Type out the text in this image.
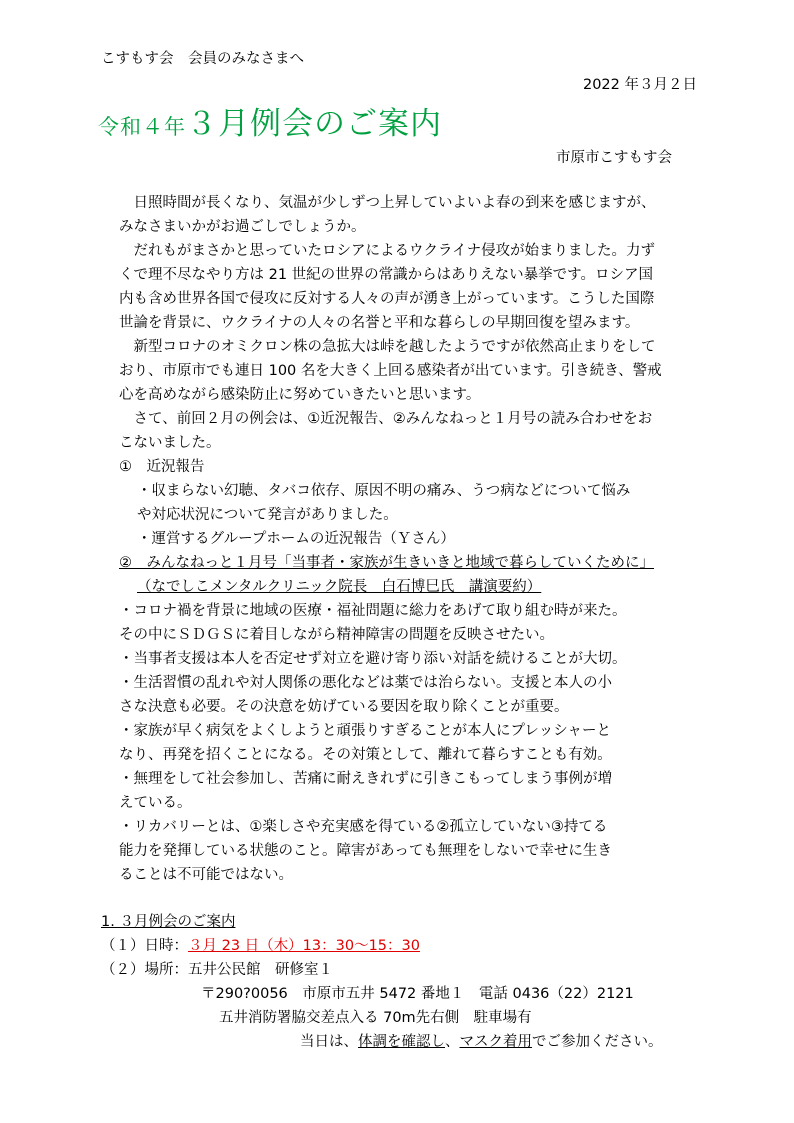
こすもす会　会員のみなさまへ
2022 年３月２日
令和４年３月例会のご案内
市原市こすもす会
　日照時間が長くなり、気温が少しずつ上昇していよいよ春の到来を感じますが、
みなさまいかがお過ごしでしょうか。
　だれもがまさかと思っていたロシアによるウクライナ侵攻が始まりました。力ず
くで理不尽なやり方は 21 世紀の世界の常識からはありえない暴挙です。ロシア国
内も含め世界各国で侵攻に反対する人々の声が湧き上がっています。こうした国際
世論を背景に、ウクライナの人々の名誉と平和な暮らしの早期回復を望みます。
　新型コロナのオミクロン株の急拡大は峠を越したようですが依然高止まりをして
おり、市原市でも連日 100 名を大きく上回る感染者が出ています。引き続き、警戒
心を高めながら感染防止に努めていきたいと思います。
　さて、前回２月の例会は、①近況報告、②みんなねっと１月号の読み合わせをお
こないました。
①　近況報告
・収まらない幻聴、タバコ依存、原因不明の痛み、うつ病などについて悩み
や対応状況について発言がありました。
・運営するグループホームの近況報告（Ｙさん）
②　みんなねっと１月号「当事者・家族が生きいきと地域で暮らしていくために」
（なでしこメンタルクリニック院長　白石博巳氏　講演要約）
・コロナ禍を背景に地域の医療・福祉問題に総力をあげて取り組む時が来た。
その中にＳＤＧＳに着目しながら精神障害の問題を反映させたい。
・当事者支援は本人を否定せず対立を避け寄り添い対話を続けることが大切。
・生活習慣の乱れや対人関係の悪化などは薬では治らない。支援と本人の小
さな決意も必要。その決意を妨げている要因を取り除くことが重要。
・家族が早く病気をよくしようと頑張りすぎることが本人にプレッシャーと
なり、再発を招くことになる。その対策として、離れて暮らすことも有効。
・無理をして社会参加し、苦痛に耐えきれずに引きこもってしまう事例が増
えている。
・リカバリーとは、①楽しさや充実感を得ている②孤立していない③持てる
能力を発揮している状態のこと。障害があっても無理をしないで幸せに生き
ることは不可能ではない。
1. ３月例会のご案内
（１）日時：３月 23 日（木）13：30～15：30
（２）場所：五井公民館　研修室１
〒290?0056　市原市五井 5472 番地１　電話 0436（22）2121
五井消防署脇交差点入る 70m先右側　駐車場有
当日は、体調を確認し、マスク着用でご参加ください。
